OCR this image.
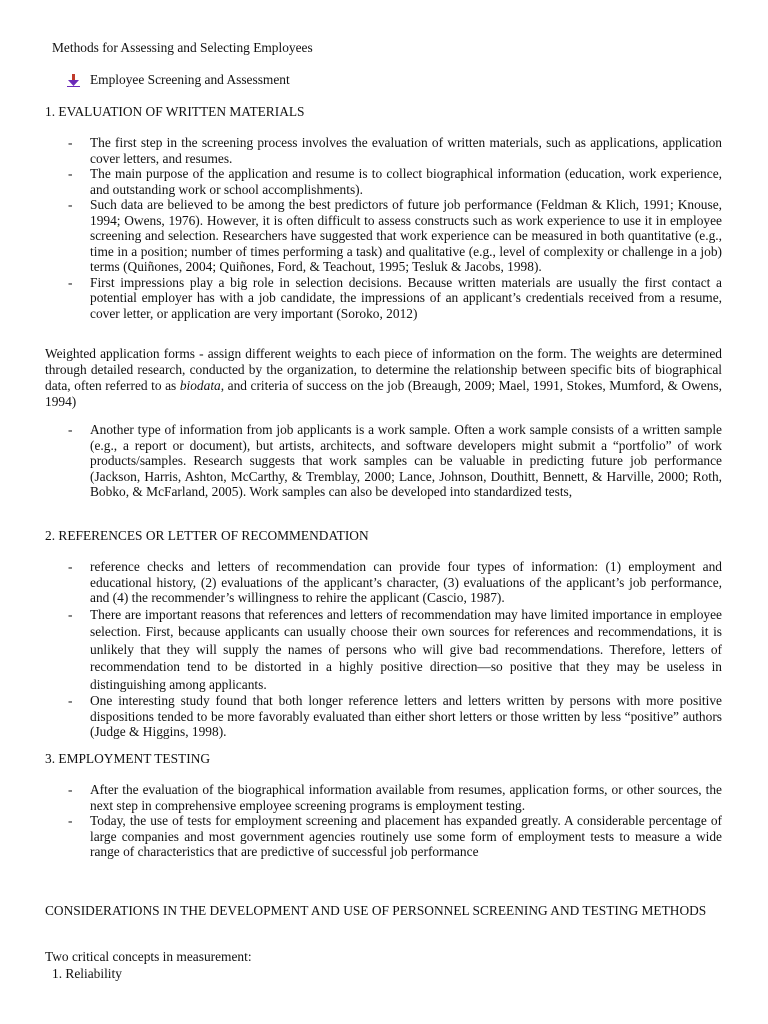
Methods for Assessing and Selecting Employees
Employee Screening and Assessment
1. EVALUATION OF WRITTEN MATERIALS
- The first step in the screening process involves the evaluation of written materials, such as applications, application cover letters, and resumes.
- The main purpose of the application and resume is to collect biographical information (education, work experience, and outstanding work or school accomplishments).
- Such data are believed to be among the best predictors of future job performance (Feldman & Klich, 1991; Knouse, 1994; Owens, 1976). However, it is often difficult to assess constructs such as work experience to use it in employee screening and selection. Researchers have suggested that work experience can be measured in both quantitative (e.g., time in a position; number of times performing a task) and qualitative (e.g., level of complexity or challenge in a job) terms (Quiñones, 2004; Quiñones, Ford, & Teachout, 1995; Tesluk & Jacobs, 1998).
- First impressions play a big role in selection decisions. Because written materials are usually the first contact a potential employer has with a job candidate, the impressions of an applicant’s credentials received from a resume, cover letter, or application are very important (Soroko, 2012)

Weighted application forms - assign different weights to each piece of information on the form. The weights are determined through detailed research, conducted by the organization, to determine the relationship between specific bits of biographical data, often referred to as biodata, and criteria of success on the job (Breaugh, 2009; Mael, 1991, Stokes, Mumford, & Owens, 1994)

- Another type of information from job applicants is a work sample. Often a work sample consists of a written sample (e.g., a report or document), but artists, architects, and software developers might submit a “portfolio” of work products/samples. Research suggests that work samples can be valuable in predicting future job performance (Jackson, Harris, Ashton, McCarthy, & Tremblay, 2000; Lance, Johnson, Douthitt, Bennett, & Harville, 2000; Roth, Bobko, & McFarland, 2005). Work samples can also be developed into standardized tests,
2. REFERENCES OR LETTER OF RECOMMENDATION
- reference checks and letters of recommendation can provide four types of information: (1) employment and educational history, (2) evaluations of the applicant’s character, (3) evaluations of the applicant’s job performance, and (4) the recommender’s willingness to rehire the applicant (Cascio, 1987).
- There are important reasons that references and letters of recommendation may have limited importance in employee selection. First, because applicants can usually choose their own sources for references and recommendations, it is unlikely that they will supply the names of persons who will give bad recommendations. Therefore, letters of recommendation tend to be distorted in a highly positive direction—so positive that they may be useless in distinguishing among applicants.
- One interesting study found that both longer reference letters and letters written by persons with more positive dispositions tended to be more favorably evaluated than either short letters or those written by less “positive” authors (Judge & Higgins, 1998).
3. EMPLOYMENT TESTING
- After the evaluation of the biographical information available from resumes, application forms, or other sources, the next step in comprehensive employee screening programs is employment testing.
- Today, the use of tests for employment screening and placement has expanded greatly. A considerable percentage of large companies and most government agencies routinely use some form of employment tests to measure a wide range of characteristics that are predictive of successful job performance

CONSIDERATIONS IN THE DEVELOPMENT AND USE OF PERSONNEL SCREENING AND TESTING METHODS

Two critical concepts in measurement:

1. Reliability
